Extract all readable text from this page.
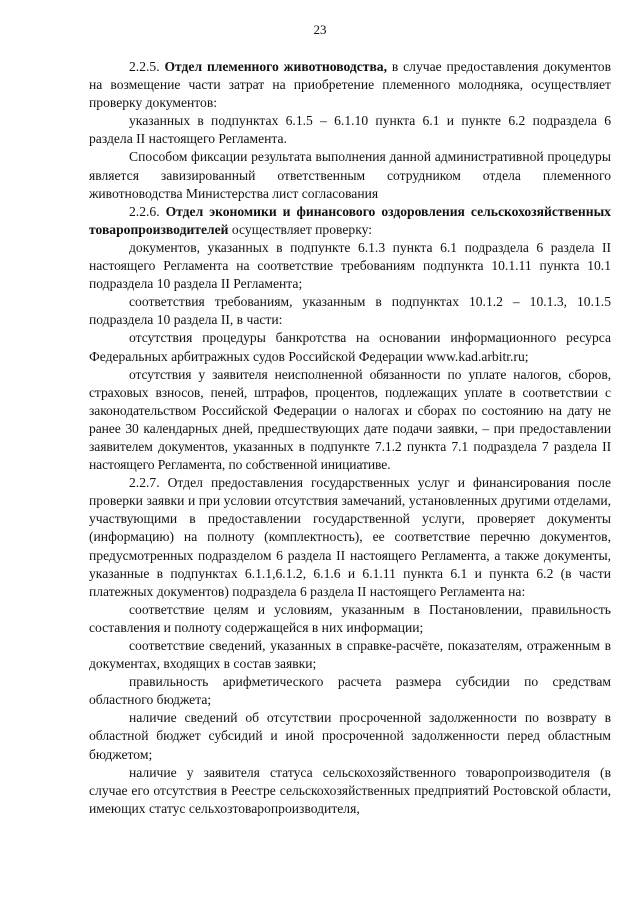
23

2.2.5. Отдел племенного животноводства, в случае предоставления документов на возмещение части затрат на приобретение племенного молодняка, осуществляет проверку документов:

указанных в подпунктах 6.1.5 – 6.1.10 пункта 6.1 и пункте 6.2 подраздела 6 раздела II настоящего Регламента.

Способом фиксации результата выполнения данной административной процедуры является завизированный ответственным сотрудником отдела племенного животноводства Министерства лист согласования

2.2.6. Отдел экономики и финансового оздоровления сельскохозяйственных товаропроизводителей осуществляет проверку:

документов, указанных в подпункте 6.1.3 пункта 6.1 подраздела 6 раздела II настоящего Регламента на соответствие требованиям подпункта 10.1.11 пункта 10.1 подраздела 10 раздела II Регламента;

соответствия требованиям, указанным в подпунктах 10.1.2 – 10.1.3, 10.1.5 подраздела 10 раздела II, в части:

отсутствия процедуры банкротства на основании информационного ресурса Федеральных арбитражных судов Российской Федерации www.kad.arbitr.ru;

отсутствия у заявителя неисполненной обязанности по уплате налогов, сборов, страховых взносов, пеней, штрафов, процентов, подлежащих уплате в соответствии с законодательством Российской Федерации о налогах и сборах по состоянию на дату не ранее 30 календарных дней, предшествующих дате подачи заявки, – при предоставлении заявителем документов, указанных в подпункте 7.1.2 пункта 7.1 подраздела 7 раздела II настоящего Регламента, по собственной инициативе.

2.2.7. Отдел предоставления государственных услуг и финансирования после проверки заявки и при условии отсутствия замечаний, установленных другими отделами, участвующими в предоставлении государственной услуги, проверяет документы (информацию) на полноту (комплектность), ее соответствие перечню документов, предусмотренных подразделом 6 раздела II настоящего Регламента, а также документы, указанные в подпунктах 6.1.1,6.1.2, 6.1.6 и 6.1.11 пункта 6.1 и пункта 6.2 (в части платежных документов) подраздела 6 раздела II настоящего Регламента на:

соответствие целям и условиям, указанным в Постановлении, правильность составления и полноту содержащейся в них информации;

соответствие сведений, указанных в справке-расчёте, показателям, отраженным в документах, входящих в состав заявки;

правильность арифметического расчета размера субсидии по средствам областного бюджета;

наличие сведений об отсутствии просроченной задолженности по возврату в областной бюджет субсидий и иной просроченной задолженности перед областным бюджетом;

наличие у заявителя статуса сельскохозяйственного товаропроизводителя (в случае его отсутствия в Реестре сельскохозяйственных предприятий Ростовской области, имеющих статус сельхозтоваропроизводителя,
